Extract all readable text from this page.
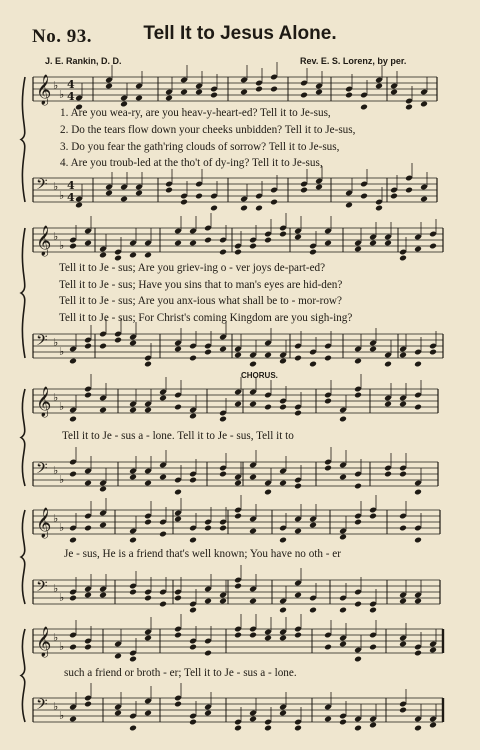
𝄞 ♭
♭
𝄢 ♭
♭
4
4
4
4
𝄞 ♭
♭
𝄢 ♭
♭
𝄞 ♭
♭
𝄢 ♭
♭
𝄞 ♭
♭
𝄢 ♭
♭
𝄞 ♭
♭
𝄢 ♭
♭
No. 93.	Tell It to Jesus Alone.
J. E. Rankin, D. D.	Rev. E. S. Lorenz, by per.
1. Are you wea-ry, are you heav-y-heart-ed? Tell it to Je-sus,
2. Do the tears flow down your cheeks unbidden? Tell it to Je-sus,
3. Do you fear the gath'ring clouds of sorrow? Tell it to Je-sus,
4. Are you troub-led at the tho't of dy-ing? Tell it to Je-sus,
Tell it to Je - sus; Are you griev-ing o - ver joys de-part-ed?
Tell it to Je - sus; Have you sins that to man's eyes are hid-den?
Tell it to Je - sus; Are you anx-ious what shall be to - mor-row?
Tell it to Je - sus; For Christ's coming Kingdom are you sigh-ing?
CHORUS.
Tell it to Je - sus a - lone. Tell it to Je - sus, Tell it to
Je - sus, He is a friend that's well known; You have no oth - er
such a friend or broth - er; Tell it to Je - sus a - lone.
